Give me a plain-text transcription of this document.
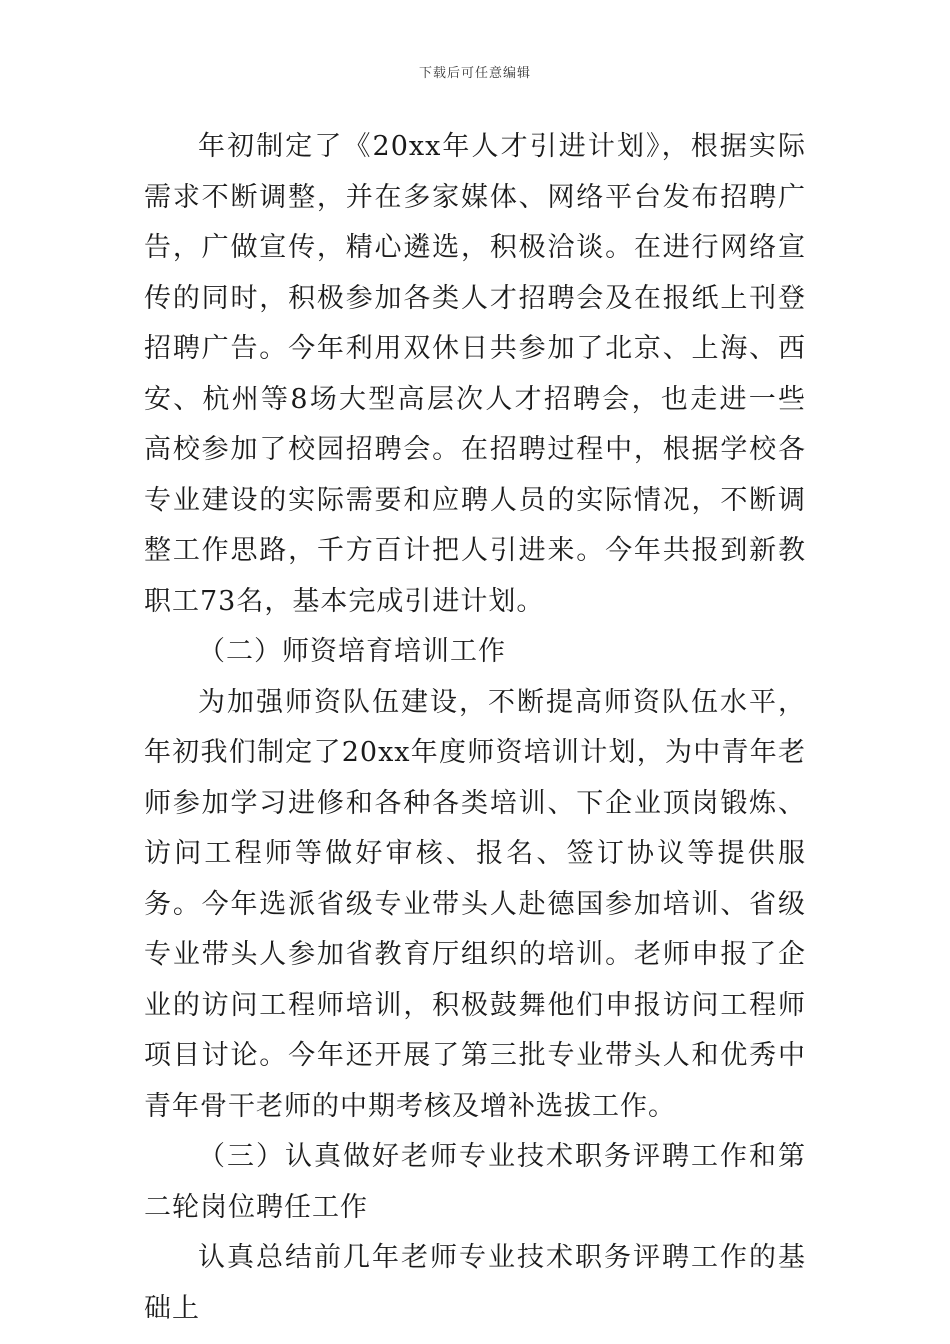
下载后可任意编辑

年初制定了《20xx年人才引进计划》，根据实际需求不断调整，并在多家媒体、网络平台发布招聘广告，广做宣传，精心遴选，积极洽谈。在进行网络宣传的同时，积极参加各类人才招聘会及在报纸上刊登招聘广告。今年利用双休日共参加了北京、上海、西安、杭州等8场大型高层次人才招聘会，也走进一些高校参加了校园招聘会。在招聘过程中，根据学校各专业建设的实际需要和应聘人员的实际情况，不断调整工作思路，千方百计把人引进来。今年共报到新教职工73名，基本完成引进计划。

（二）师资培育培训工作

为加强师资队伍建设，不断提高师资队伍水平，年初我们制定了20xx年度师资培训计划，为中青年老师参加学习进修和各种各类培训、下企业顶岗锻炼、访问工程师等做好审核、报名、签订协议等提供服务。今年选派省级专业带头人赴德国参加培训、省级专业带头人参加省教育厅组织的培训。老师申报了企业的访问工程师培训，积极鼓舞他们申报访问工程师项目讨论。今年还开展了第三批专业带头人和优秀中青年骨干老师的中期考核及增补选拔工作。

（三）认真做好老师专业技术职务评聘工作和第二轮岗位聘任工作

认真总结前几年老师专业技术职务评聘工作的基础上
